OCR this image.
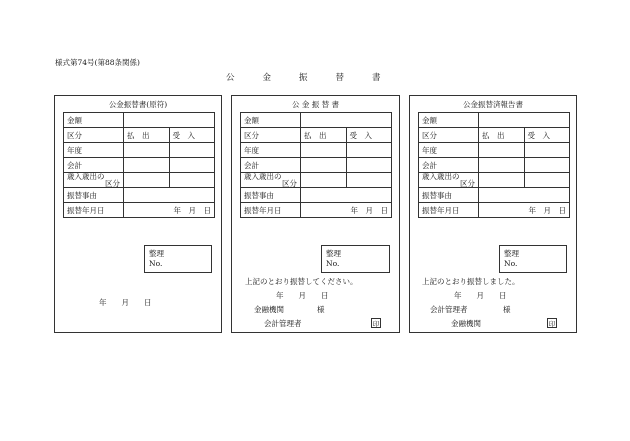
様式第74号(第88条関係)
公金振替書
公金振替書(原符)
金額		

区分	払　出	受　入
年度		
会計		

歳入歳出の
区分		

振替事由		
振替年月日	年　月　日	
整理
No.
年　　月　　日
公 金 振 替 書
金額		
区分	払　出	受　入
年度		
会計		

歳入歳出の
区分		

振替事由		
振替年月日	年　月　日	
整理
No.
上記のとおり振替してください。
年　　月　　日
金融機関	様
会計管理者	印
公金振替済報告書
金額		
区分	払　出	受　入
年度		
会計		

歳入歳出の
区分		

振替事由		
振替年月日	年　月　日	
整理
No.
上記のとおり振替しました。
年　　月　　日
会計管理者	様
金融機関	印
